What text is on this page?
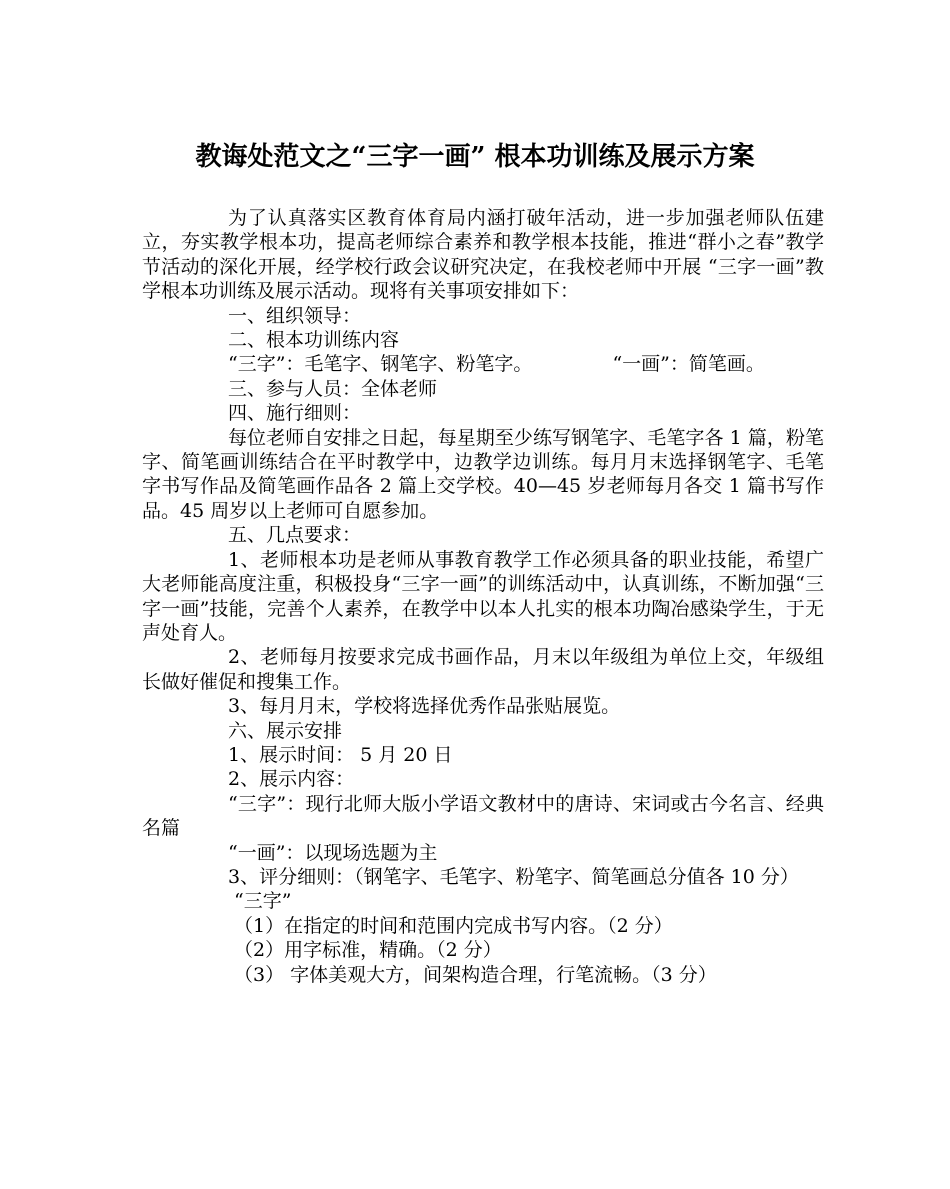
教诲处范文之“三字一画” 根本功训练及展示方案

为了认真落实区教育体育局内涵打破年活动，进一步加强老师队伍建立，夯实教学根本功，提高老师综合素养和教学根本技能，推进“群小之春”教学节活动的深化开展，经学校行政会议研究决定，在我校老师中开展 “三字一画”教学根本功训练及展示活动。现将有关事项安排如下：

一、组织领导：

二、根本功训练内容

“三字”：毛笔字、钢笔字、粉笔字。	“一画”：简笔画。

三、参与人员：全体老师

四、施行细则：

每位老师自安排之日起，每星期至少练写钢笔字、毛笔字各 1 篇，粉笔字、简笔画训练结合在平时教学中，边教学边训练。每月月末选择钢笔字、毛笔字书写作品及简笔画作品各 2 篇上交学校。40—45 岁老师每月各交 1 篇书写作品。45 周岁以上老师可自愿参加。

五、几点要求：

1、老师根本功是老师从事教育教学工作必须具备的职业技能，希望广大老师能高度注重，积极投身“三字一画”的训练活动中，认真训练，不断加强“三字一画”技能，完善个人素养，在教学中以本人扎实的根本功陶冶感染学生，于无声处育人。

2、老师每月按要求完成书画作品，月末以年级组为单位上交，年级组长做好催促和搜集工作。

3、每月月末，学校将选择优秀作品张贴展览。

六、展示安排

1、展示时间： 5 月 20 日

2、展示内容：

“三字”：现行北师大版小学语文教材中的唐诗、宋词或古今名言、经典名篇

“一画”：以现场选题为主

3、评分细则：（钢笔字、毛笔字、粉笔字、简笔画总分值各 10 分）

“三字”

（1）在指定的时间和范围内完成书写内容。（2 分）

（2）用字标准，精确。（2 分）

（3） 字体美观大方，间架构造合理，行笔流畅。（3 分）
